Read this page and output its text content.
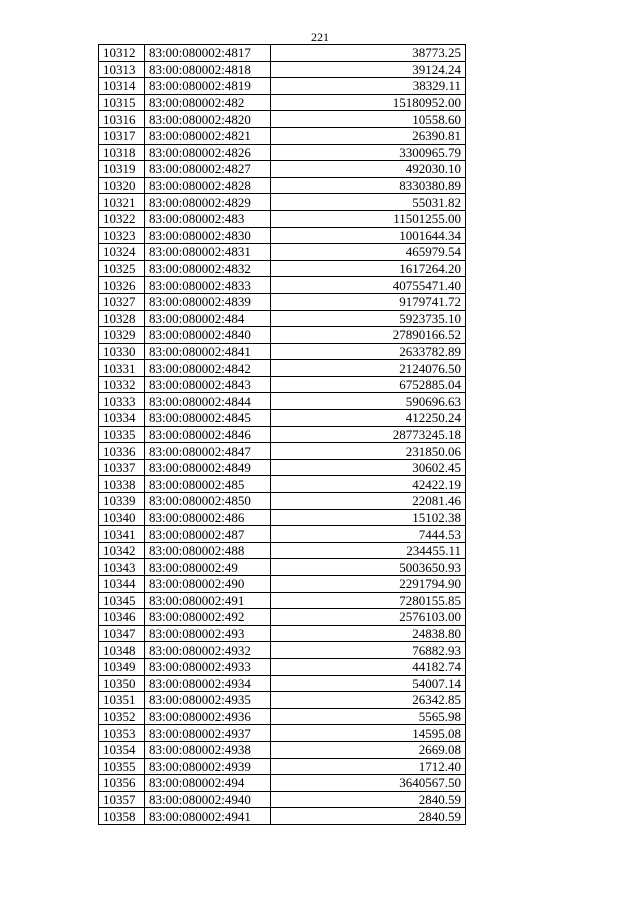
221
10312	83:00:080002:4817	38773.25
10313	83:00:080002:4818	39124.24
10314	83:00:080002:4819	38329.11
10315	83:00:080002:482	15180952.00
10316	83:00:080002:4820	10558.60
10317	83:00:080002:4821	26390.81
10318	83:00:080002:4826	3300965.79
10319	83:00:080002:4827	492030.10
10320	83:00:080002:4828	8330380.89
10321	83:00:080002:4829	55031.82
10322	83:00:080002:483	11501255.00
10323	83:00:080002:4830	1001644.34
10324	83:00:080002:4831	465979.54
10325	83:00:080002:4832	1617264.20
10326	83:00:080002:4833	40755471.40
10327	83:00:080002:4839	9179741.72
10328	83:00:080002:484	5923735.10
10329	83:00:080002:4840	27890166.52
10330	83:00:080002:4841	2633782.89
10331	83:00:080002:4842	2124076.50
10332	83:00:080002:4843	6752885.04
10333	83:00:080002:4844	590696.63
10334	83:00:080002:4845	412250.24
10335	83:00:080002:4846	28773245.18
10336	83:00:080002:4847	231850.06
10337	83:00:080002:4849	30602.45
10338	83:00:080002:485	42422.19
10339	83:00:080002:4850	22081.46
10340	83:00:080002:486	15102.38
10341	83:00:080002:487	7444.53
10342	83:00:080002:488	234455.11
10343	83:00:080002:49	5003650.93
10344	83:00:080002:490	2291794.90
10345	83:00:080002:491	7280155.85
10346	83:00:080002:492	2576103.00
10347	83:00:080002:493	24838.80
10348	83:00:080002:4932	76882.93
10349	83:00:080002:4933	44182.74
10350	83:00:080002:4934	54007.14
10351	83:00:080002:4935	26342.85
10352	83:00:080002:4936	5565.98
10353	83:00:080002:4937	14595.08
10354	83:00:080002:4938	2669.08
10355	83:00:080002:4939	1712.40
10356	83:00:080002:494	3640567.50
10357	83:00:080002:4940	2840.59
10358	83:00:080002:4941	2840.59
